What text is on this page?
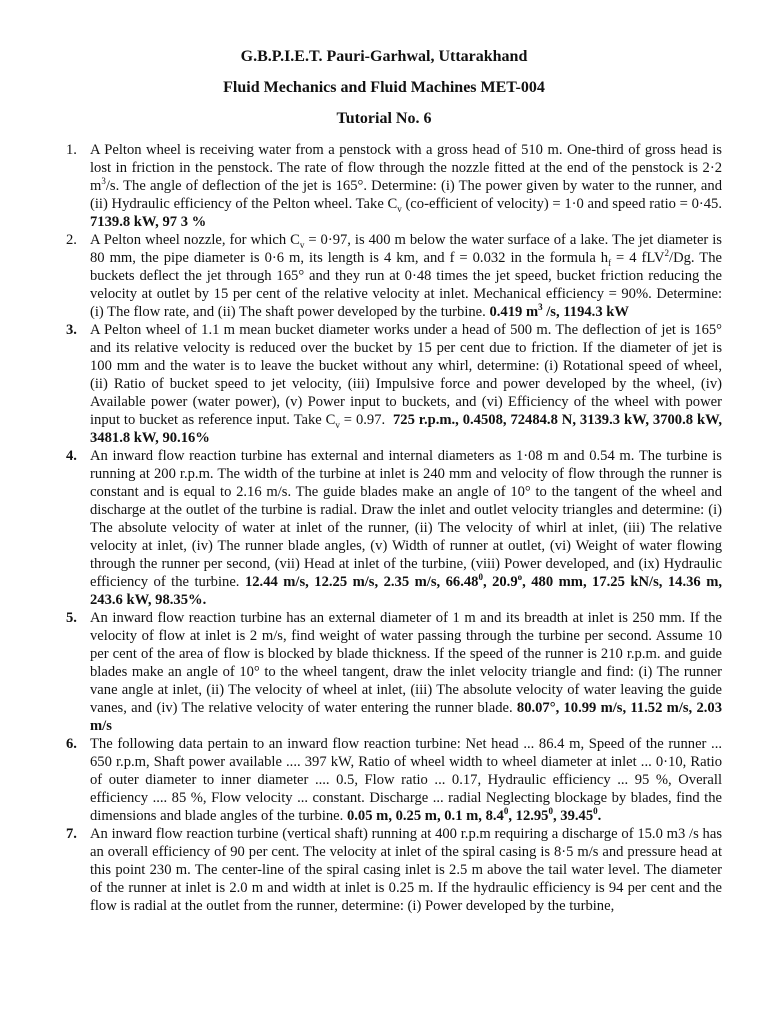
G.B.P.I.E.T. Pauri-Garhwal, Uttarakhand
Fluid Mechanics and Fluid Machines MET-004
Tutorial No. 6
1. A Pelton wheel is receiving water from a penstock with a gross head of 510 m. One-third of gross head is lost in friction in the penstock. The rate of flow through the nozzle fitted at the end of the penstock is 2·2 $m^3/s$. The angle of deflection of the jet is 165°. Determine: (i) The power given by water to the runner, and (ii) Hydraulic efficiency of the Pelton wheel. Take $C_v$ (co-efficient of velocity) = 1·0 and speed ratio = 0·45. 7139.8 kW, 97 3 %
2. A Pelton wheel nozzle, for which $C_v = 0\cdot 97$, is 400 m below the water surface of a lake. The jet diameter is 80 mm, the pipe diameter is 0·6 m, its length is 4 km, and f = 0.032 in the formula $h_f = 4$ fLV$^2$/Dg. The buckets deflect the jet through 165° and they run at 0·48 times the jet speed, bucket friction reducing the velocity at outlet by 15 per cent of the relative velocity at inlet. Mechanical efficiency = 90%. Determine: (i) The flow rate, and (ii) The shaft power developed by the turbine. 0.419 $m^3$ /s, 1194.3 kW
3. A Pelton wheel of 1.1 m mean bucket diameter works under a head of 500 m. The deflection of jet is 165° and its relative velocity is reduced over the bucket by 15 per cent due to friction. If the diameter of jet is 100 mm and the water is to leave the bucket without any whirl, determine: (i) Rotational speed of wheel, (ii) Ratio of bucket speed to jet velocity, (iii) Impulsive force and power developed by the wheel, (iv) Available power (water power), (v) Power input to buckets, and (vi) Efficiency of the wheel with power input to bucket as reference input. Take $C_v = 0.97$.  725 r.p.m., 0.4508, 72484.8 N, 3139.3 kW, 3700.8 kW, 3481.8 kW, 90.16%
4. An inward flow reaction turbine has external and internal diameters as 1·08 m and 0.54 m. The turbine is running at 200 r.p.m. The width of the turbine at inlet is 240 mm and velocity of flow through the runner is constant and is equal to 2.16 m/s. The guide blades make an angle of 10° to the tangent of the wheel and discharge at the outlet of the turbine is radial. Draw the inlet and outlet velocity triangles and determine: (i) The absolute velocity of water at inlet of the runner, (ii) The velocity of whirl at inlet, (iii) The relative velocity at inlet, (iv) The runner blade angles, (v) Width of runner at outlet, (vi) Weight of water flowing through the runner per second, (vii) Head at inlet of the turbine, (viii) Power developed, and (ix) Hydraulic efficiency of the turbine. 12.44 m/s, 12.25 m/s, 2.35 m/s, 66.48$^0$, 20.9$^o$, 480 mm, 17.25 kN/s, 14.36 m, 243.6 kW, 98.35%.
5. An inward flow reaction turbine has an external diameter of 1 m and its breadth at inlet is 250 mm. If the velocity of flow at inlet is 2 m/s, find weight of water passing through the turbine per second. Assume 10 per cent of the area of flow is blocked by blade thickness. If the speed of the runner is 210 r.p.m. and guide blades make an angle of 10° to the wheel tangent, draw the inlet velocity triangle and find: (i) The runner vane angle at inlet, (ii) The velocity of wheel at inlet, (iii) The absolute velocity of water leaving the guide vanes, and (iv) The relative velocity of water entering the runner blade. 80.07°, 10.99 m/s, 11.52 m/s, 2.03 m/s
6. The following data pertain to an inward flow reaction turbine: Net head ... 86.4 m, Speed of the runner ... 650 r.p.m, Shaft power available .... 397 kW, Ratio of wheel width to wheel diameter at inlet ... 0·10, Ratio of outer diameter to inner diameter .... 0.5, Flow ratio ... 0.17, Hydraulic efficiency ... 95 %, Overall efficiency .... 85 %, Flow velocity ... constant. Discharge ... radial Neglecting blockage by blades, find the dimensions and blade angles of the turbine. 0.05 m, 0.25 m, 0.1 m, $8.4^0$, 12.95$^0$, 39.45$^0$.
7. An inward flow reaction turbine (vertical shaft) running at 400 r.p.m requiring a discharge of 15.0 m3 /s has an overall efficiency of 90 per cent. The velocity at inlet of the spiral casing is 8·5 m/s and pressure head at this point 230 m. The center-line of the spiral casing inlet is 2.5 m above the tail water level. The diameter of the runner at inlet is 2.0 m and width at inlet is 0.25 m. If the hydraulic efficiency is 94 per cent and the flow is radial at the outlet from the runner, determine: (i) Power developed by the turbine,
